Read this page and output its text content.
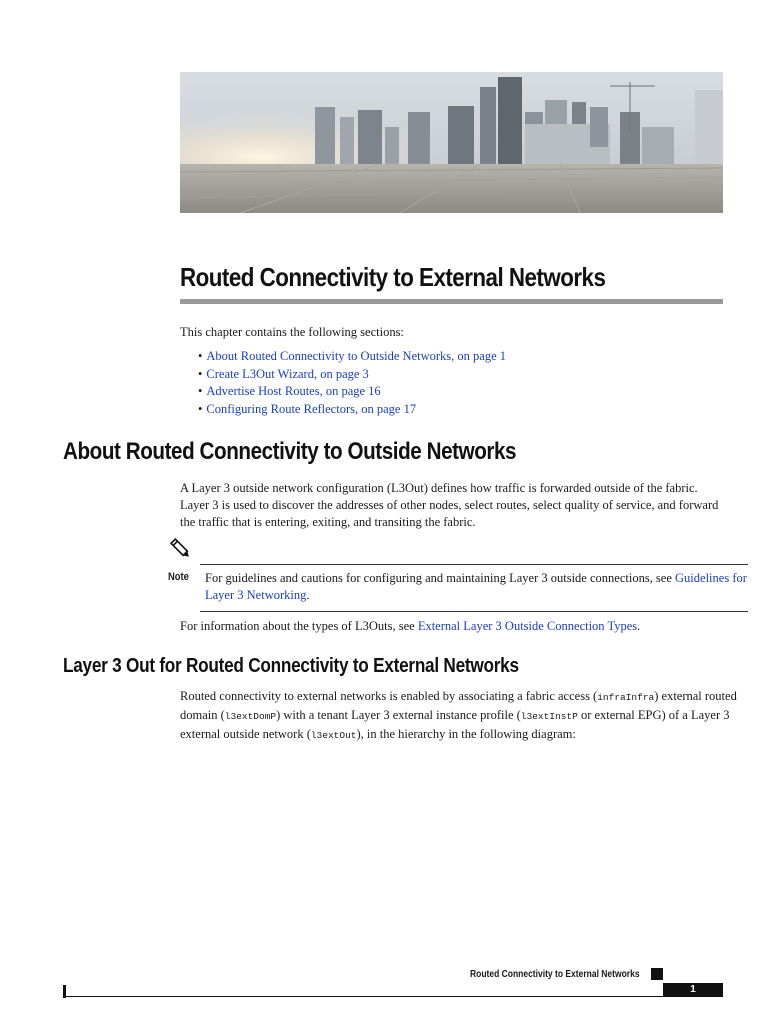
Routed Connectivity to External Networks

This chapter contains the following sections:

• About Routed Connectivity to Outside Networks, on page 1
• Create L3Out Wizard, on page 3
• Advertise Host Routes, on page 16
• Configuring Route Reflectors, on page 17
About Routed Connectivity to Outside Networks

A Layer 3 outside network configuration (L3Out) defines how traffic is forwarded outside of the fabric. Layer 3 is used to discover the addresses of other nodes, select routes, select quality of service, and forward the traffic that is entering, exiting, and transiting the fabric.

Note For guidelines and cautions for configuring and maintaining Layer 3 outside connections, see Guidelines for Layer 3 Networking.

For information about the types of L3Outs, see External Layer 3 Outside Connection Types.

Layer 3 Out for Routed Connectivity to External Networks

Routed connectivity to external networks is enabled by associating a fabric access (infraInfra) external routed domain (l3extDomP) with a tenant Layer 3 external instance profile (l3extInstP or external EPG) of a Layer 3 external outside network (l3extOut), in the hierarchy in the following diagram:

Routed Connectivity to External Networks
1
